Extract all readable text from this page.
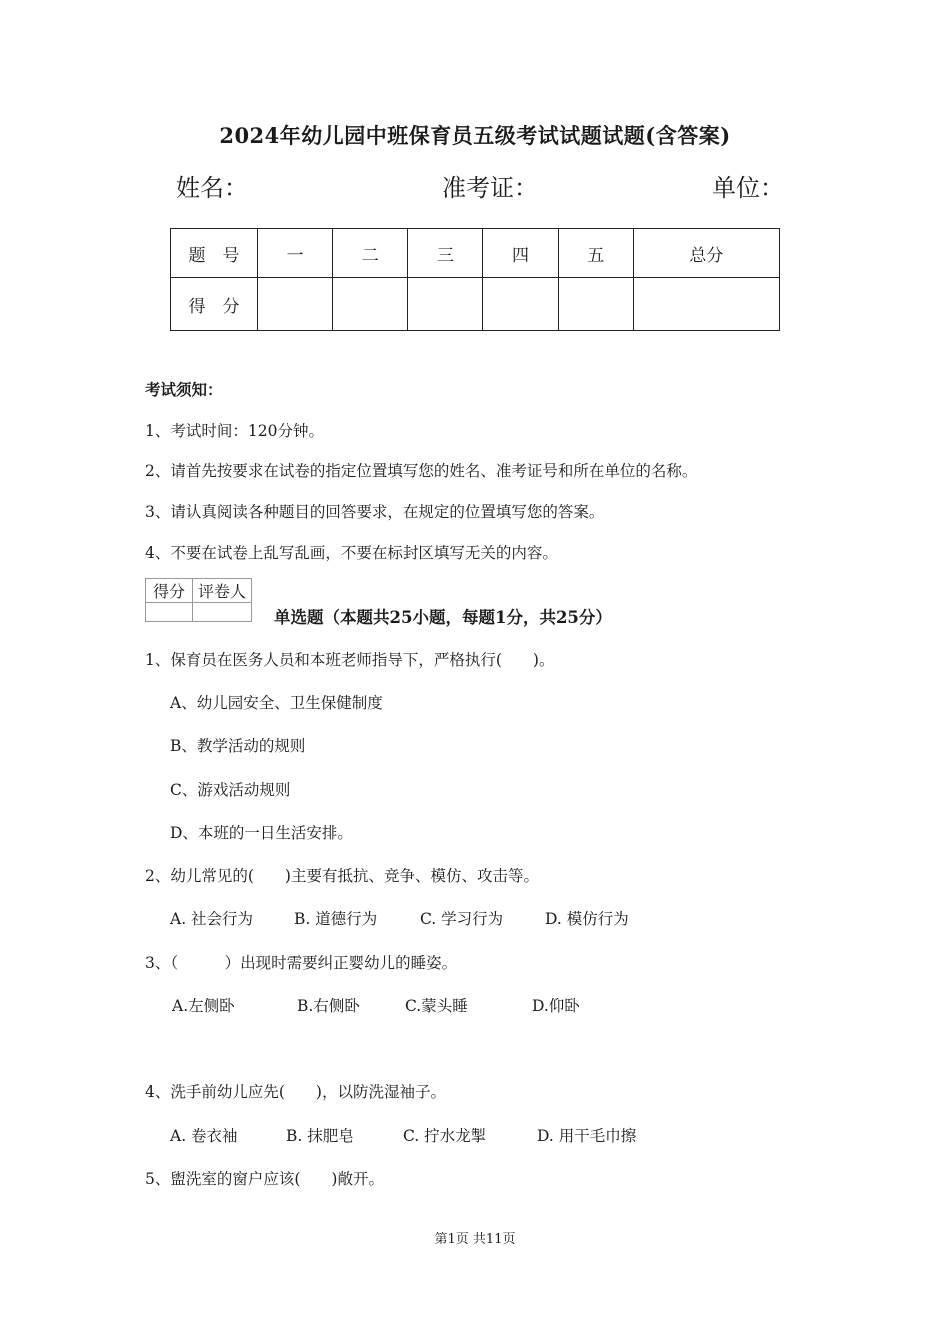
2024年幼儿园中班保育员五级考试试题试题(含答案)
姓名：	准考证：	单位：
题　号	一	二	三	四	五	总分
得　分						
考试须知：
1、考试时间：120分钟。
2、请首先按要求在试卷的指定位置填写您的姓名、准考证号和所在单位的名称。
3、请认真阅读各种题目的回答要求，在规定的位置填写您的答案。
4、不要在试卷上乱写乱画，不要在标封区填写无关的内容。
得分	评卷人

单选题（本题共25小题，每题1分，共25分）
1、保育员在医务人员和本班老师指导下，严格执行(　　)。
A、幼儿园安全、卫生保健制度
B、教学活动的规则
C、游戏活动规则
D、本班的一日生活安排。
2、幼儿常见的(　　)主要有抵抗、竞争、模仿、攻击等。
A. 社会行为	B. 道德行为	C. 学习行为	D. 模仿行为
3、（　　　）出现时需要纠正婴幼儿的睡姿。
A.左侧卧	B.右侧卧	C.蒙头睡	D.仰卧
4、洗手前幼儿应先(　　)，以防洗湿袖子。
A. 卷衣袖	B. 抹肥皂	C. 拧水龙掣	D. 用干毛巾擦
5、盥洗室的窗户应该(　　)敞开。
第1页 共11页
